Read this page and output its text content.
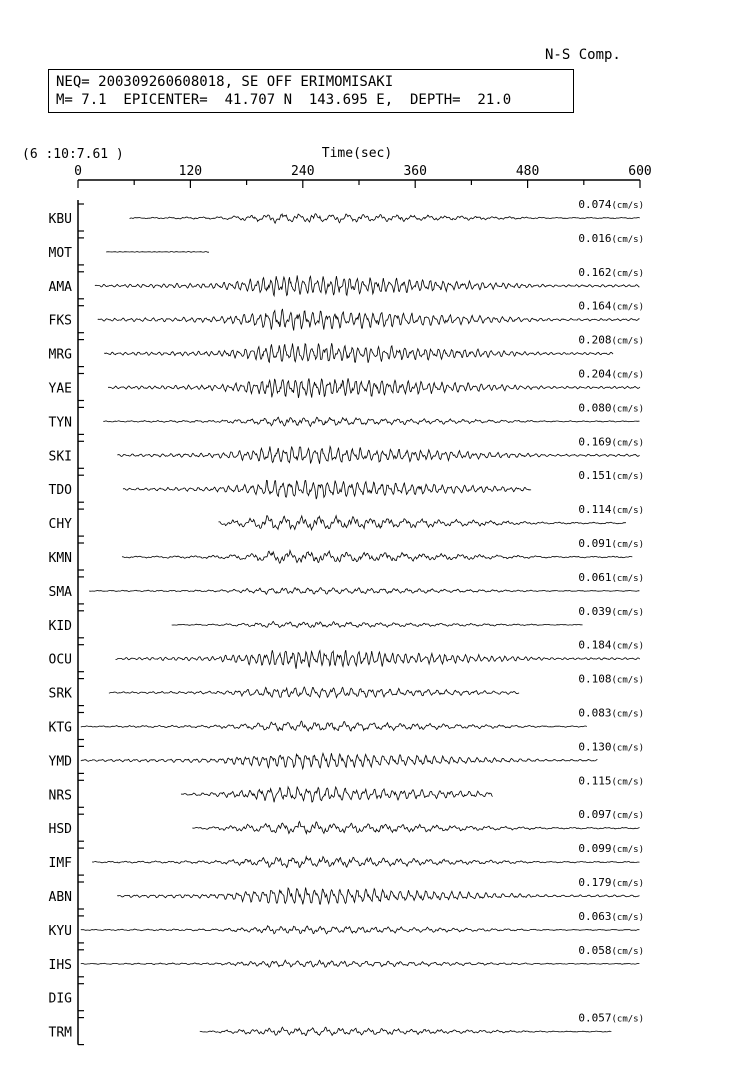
N-S Comp.
NEQ= 200309260608018, SE OFF ERIMOMISAKI
M= 7.1  EPICENTER=  41.707 N  143.695 E,  DEPTH=  21.0
(6 :10:7.61 )	Time(sec)
0	120	240	360	480	600
KBU
0.074(cm/s)
MOT
0.016(cm/s)
AMA
0.162(cm/s)
FKS
0.164(cm/s)
MRG
0.208(cm/s)
YAE
0.204(cm/s)
TYN
0.080(cm/s)
SKI
0.169(cm/s)
TDO
0.151(cm/s)
CHY
0.114(cm/s)
KMN
0.091(cm/s)
SMA
0.061(cm/s)
KID
0.039(cm/s)
OCU
0.184(cm/s)
SRK
0.108(cm/s)
KTG
0.083(cm/s)
YMD
0.130(cm/s)
NRS
0.115(cm/s)
HSD
0.097(cm/s)
IMF
0.099(cm/s)
ABN
0.179(cm/s)
KYU
0.063(cm/s)
IHS
0.058(cm/s)
DIG
TRM
0.057(cm/s)
